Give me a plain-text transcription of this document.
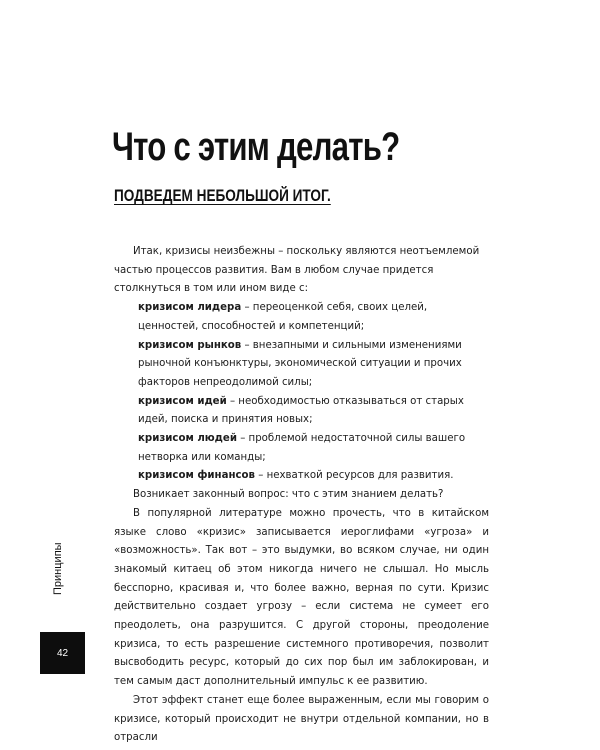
Что с этим делать?
ПОДВЕДЕМ НЕБОЛЬШОЙ ИТОГ.

Итак, кризисы неизбежны – поскольку являются неотъемлемой частью процессов развития. Вам в любом случае придется столкнуться в том или ином виде с:

кризисом лидера – переоценкой себя, своих целей, ценностей, способностей и компетенций;

кризисом рынков – внезапными и сильными изменениями рыночной конъюнктуры, экономической ситуации и прочих факторов непреодолимой силы;

кризисом идей – необходимостью отказываться от старых идей, поиска и принятия новых;

кризисом людей – проблемой недостаточной силы вашего нетворка или команды;

кризисом финансов – нехваткой ресурсов для развития.

Возникает законный вопрос: что с этим знанием делать?

В популярной литературе можно прочесть, что в китайском языке слово «кризис» записывается иероглифами «угроза» и «возможность». Так вот – это выдумки, во всяком случае, ни один знакомый китаец об этом никогда ничего не слышал. Но мысль бесспорно, красивая и, что более важно, верная по сути. Кризис действительно создает угрозу – если система не сумеет его преодолеть, она разрушится. С другой стороны, преодоление кризиса, то есть разрешение системного противоречия, позволит высвободить ресурс, который до сих пор был им заблокирован, и тем самым даст дополнительный импульс к ее развитию.

Этот эффект станет еще более выраженным, если мы говорим о кризисе, который происходит не внутри отдельной компании, но в отрасли

Принципы
42
